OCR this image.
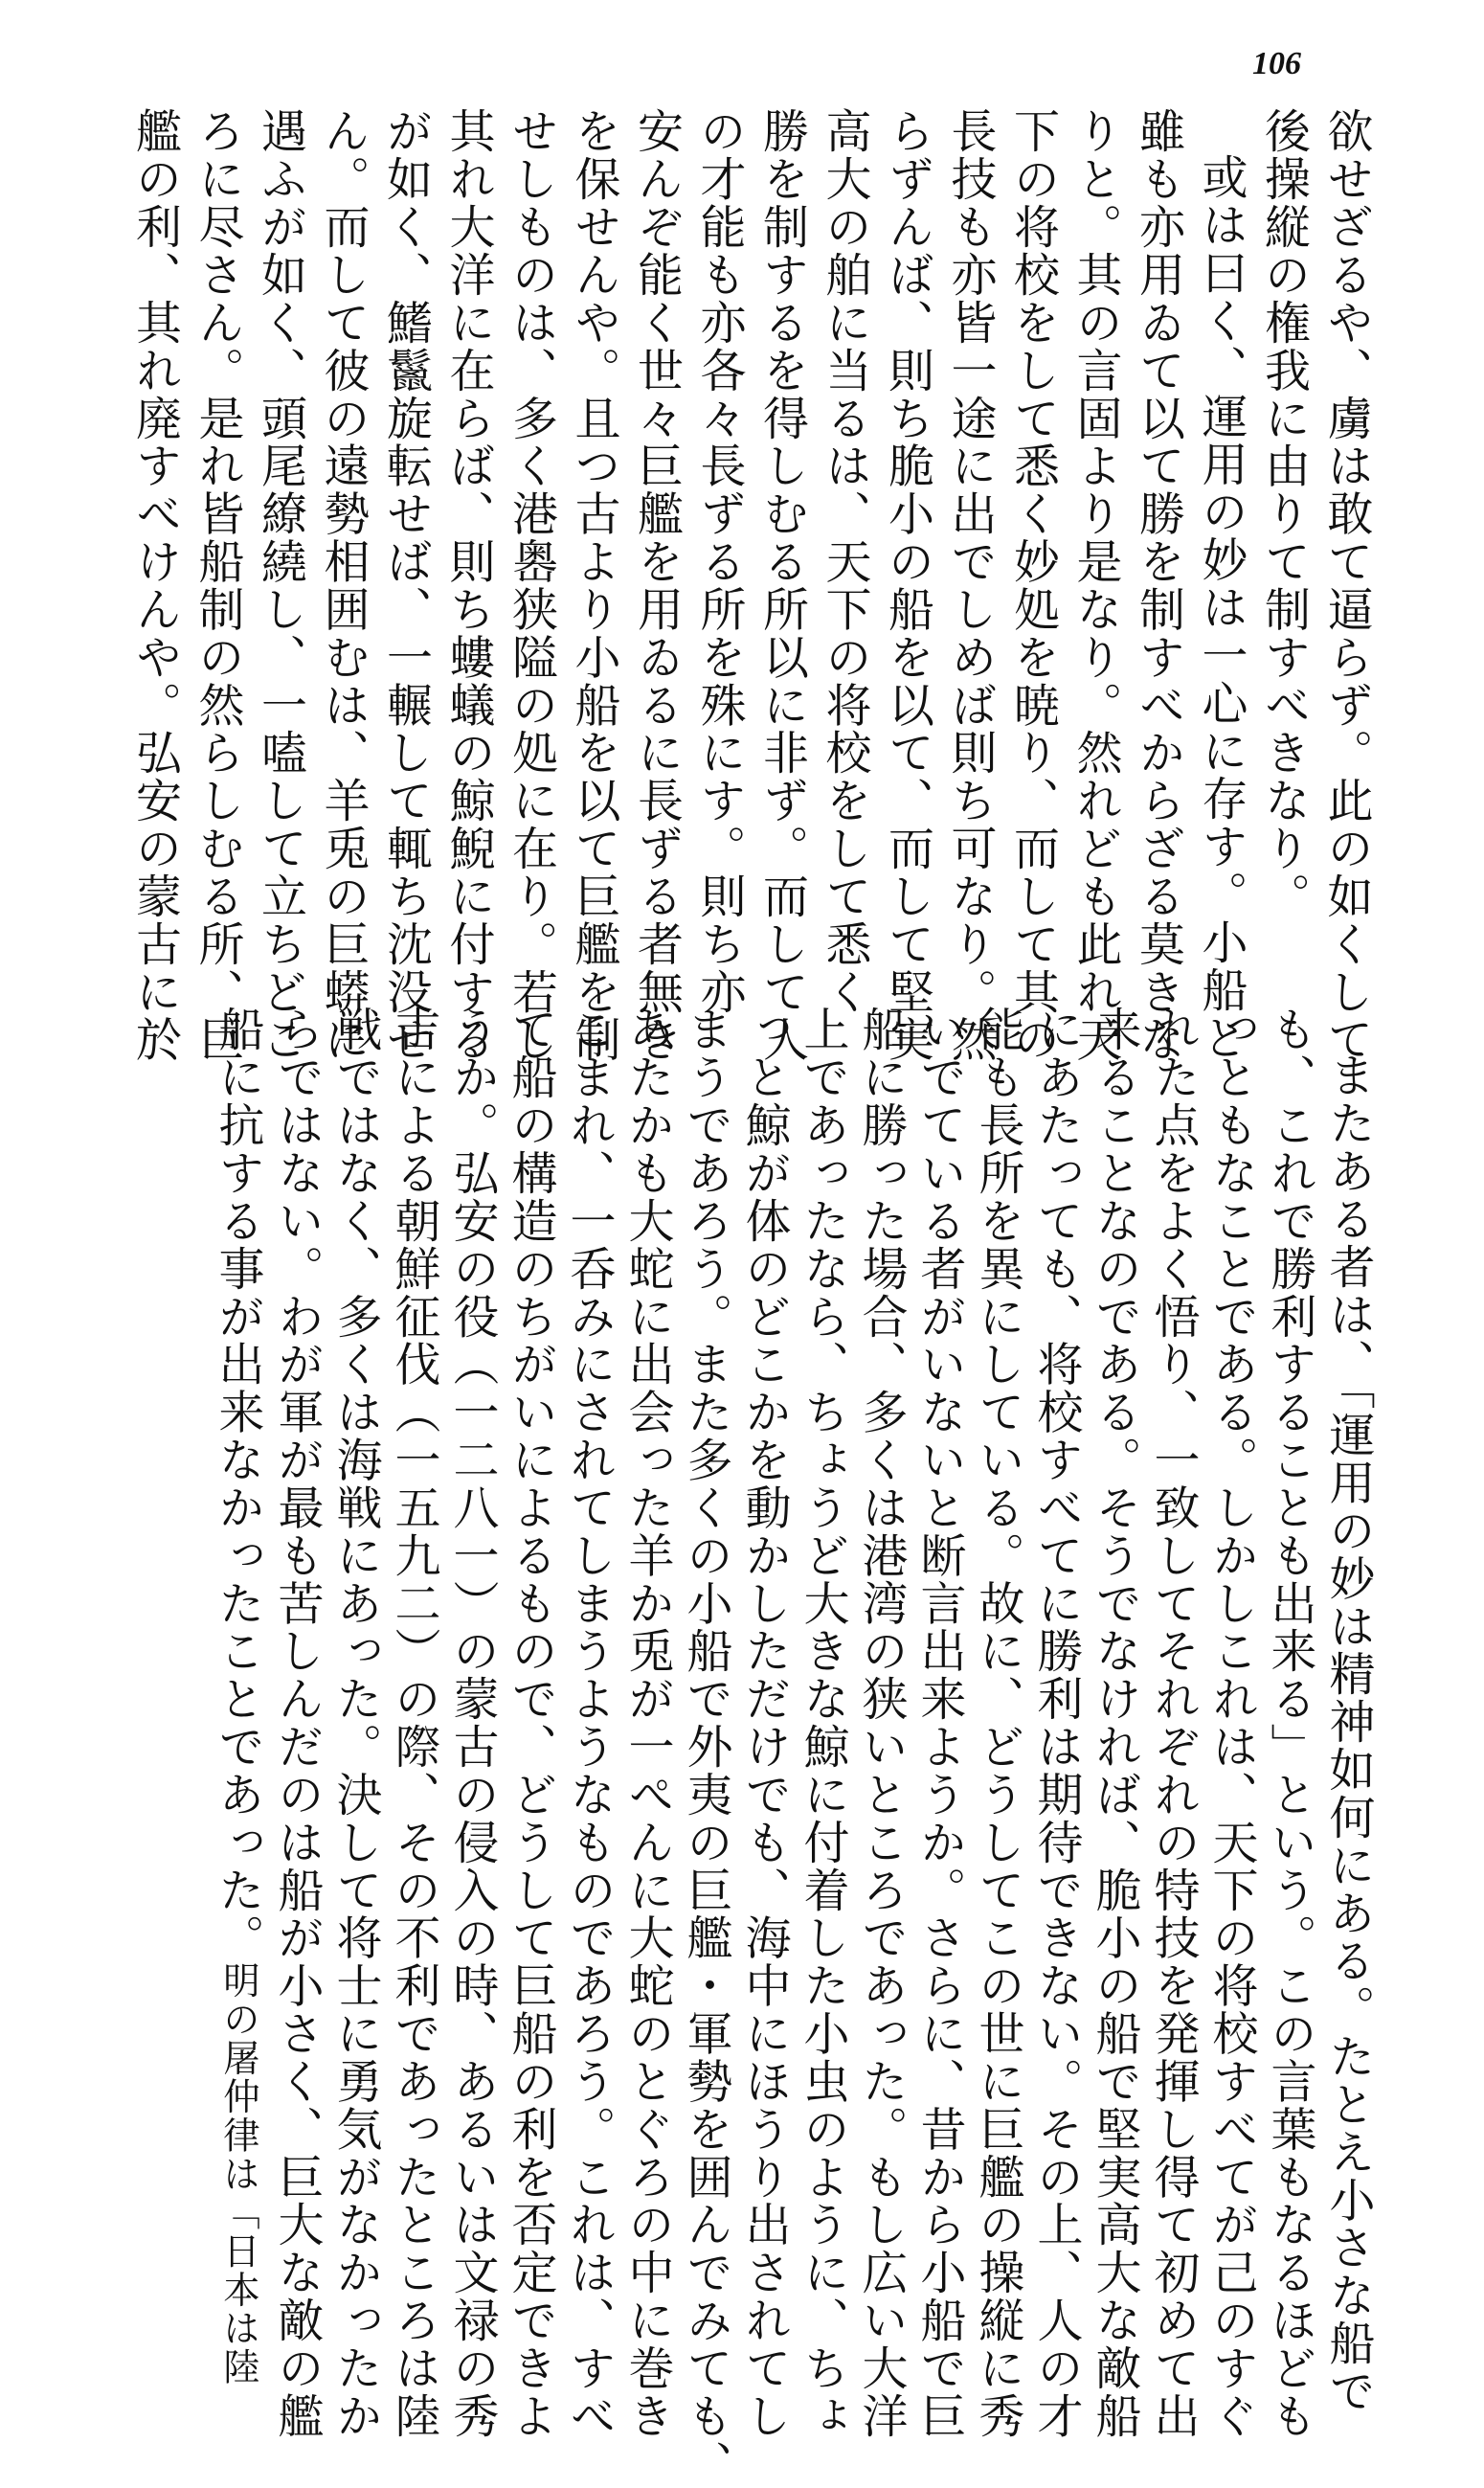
106
欲せざるや、虜は敢て逼らず。此の如くして
後操縦の権我に由りて制すべきなり。
或は曰く、運用の妙は一心に存す。小船と
雖も亦用ゐて以て勝を制すべからざる莫きな
りと。其の言固より是なり。然れども此れ天
下の将校をして悉く妙処を暁り、而して其の
長技も亦皆一途に出でしめば則ち可なり。然
らずんば、則ち脆小の船を以て、而して堅実
高大の舶に当るは、天下の将校をして悉く
勝を制するを得しむる所以に非ず。而して人
の才能も亦各々長ずる所を殊にす。則ち亦
安んぞ能く世々巨艦を用ゐるに長ずる者無き
を保せんや。且つ古より小船を以て巨艦を制
せしものは、多く港嶴狭隘の処に在り。若し
其れ大洋に在らば、則ち螻蟻の鯨鯢に付する
が如く、鰭鬣旋転せば、一輾して輒ち沈没せ
ん。而して彼の遠勢相囲むは、羊兎の巨蟒に
遇ふが如く、頭尾繚繞し、一嗑して立ちどこ
ろに尽さん。是れ皆船制の然らしむる所、巨
艦の利、其れ廃すべけんや。弘安の蒙古に於
またある者は、「運用の妙は精神如何にある。たとえ小さな船で
も、これで勝利することも出来る」という。この言葉もなるほども
っともなことである。しかしこれは、天下の将校すべてが己のすぐ
れた点をよく悟り、一致してそれぞれの特技を発揮し得て初めて出
来ることなのである。そうでなければ、脆小の船で堅実高大な敵船
にあたっても、将校すべてに勝利は期待できない。その上、人の才
能も長所を異にしている。故に、どうしてこの世に巨艦の操縦に秀
いでている者がいないと断言出来ようか。さらに、昔から小船で巨
船に勝った場合、多くは港湾の狭いところであった。もし広い大洋
上であったなら、ちょうど大きな鯨に付着した小虫のように、ちょ
っと鯨が体のどこかを動かしただけでも、海中にほうり出されてし
まうであろう。また多くの小船で外夷の巨艦・軍勢を囲んでみても、
あたかも大蛇に出会った羊か兎が一ぺんに大蛇のとぐろの中に巻き
こまれ、一呑みにされてしまうようなものであろう。これは、すべ
て船の構造のちがいによるもので、どうして巨船の利を否定できよ
うか。弘安の役（一二八一）の蒙古の侵入の時、あるいは文禄の秀
吉による朝鮮征伐（一五九二）の際、その不利であったところは陸
戦ではなく、多くは海戦にあった。決して将士に勇気がなかったか
らではない。わが軍が最も苦しんだのは船が小さく、巨大な敵の艦
船に抗する事が出来なかったことであった。明の屠仲律は「日本は陸
